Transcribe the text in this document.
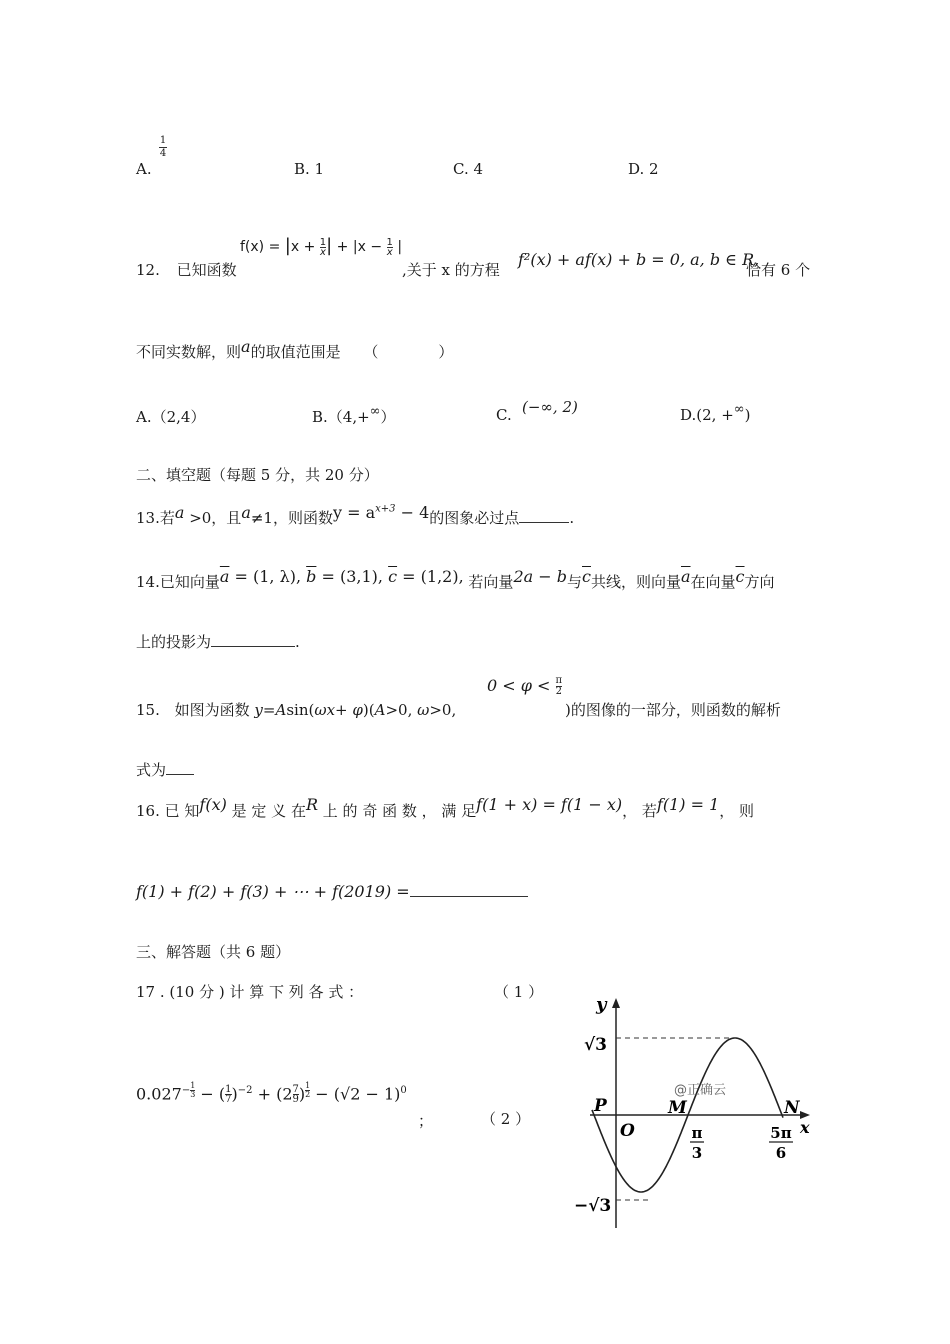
A.
1
4
B. 1	C. 4	D. 2
12. 已知函数
$f(x) = |x + \frac{1}{x}| + |x - \frac{1}{x}$ |
,关于 x 的方程
f²(x) + af(x) + b = 0, a, b ∈ R,
恰有 6 个
不同实数解，则a的取值范围是 （　　　　）
A.（2,4）	B.（4,+∞）	C. (−∞, 2)	D.(2, +∞)
二、填空题（每题 5 分，共 20 分）
13.若a >0，且a≠1，则函数$y = a^{x+3} - 4$的图象必过点	.
14.已知向量$\overline{a} = (1$, λ), $\overline{b} = (3,1)$, $\overline{c} = (1,2)$, 若向量2a − b与$\overline{c}$共线，则向量$\overline{a}$在向量$\overline{c}$方向
上的投影为	.
$0 < \varphi < \frac{\pi}{2}$
15. 如图为函数 y=Asin(ωx+ φ)(A>0, ω>0,	)的图像的一部分，则函数的解析
式为
16. 已 知f(x) 是 定 义 在R 上 的 奇 函 数 ， 满 足f(1 + x) = f(1 − x)， 若f(1) = 1， 则
f(1) + f(2) + f(3) + ⋯ + f(2019) =
三、解答题（共 6 题）
17 . (10 分 ) 计 算 下 列 各 式 ：	（ 1 ）
$0.027^{-1 3} - (1$
7)$^{-2}$ + (27
$9)^{1 2} - (√2 - 1)^0$
；	（ 2 ）
y
x
O
P	M	N
√3
−√3
π
3
5π
6
@正确云
